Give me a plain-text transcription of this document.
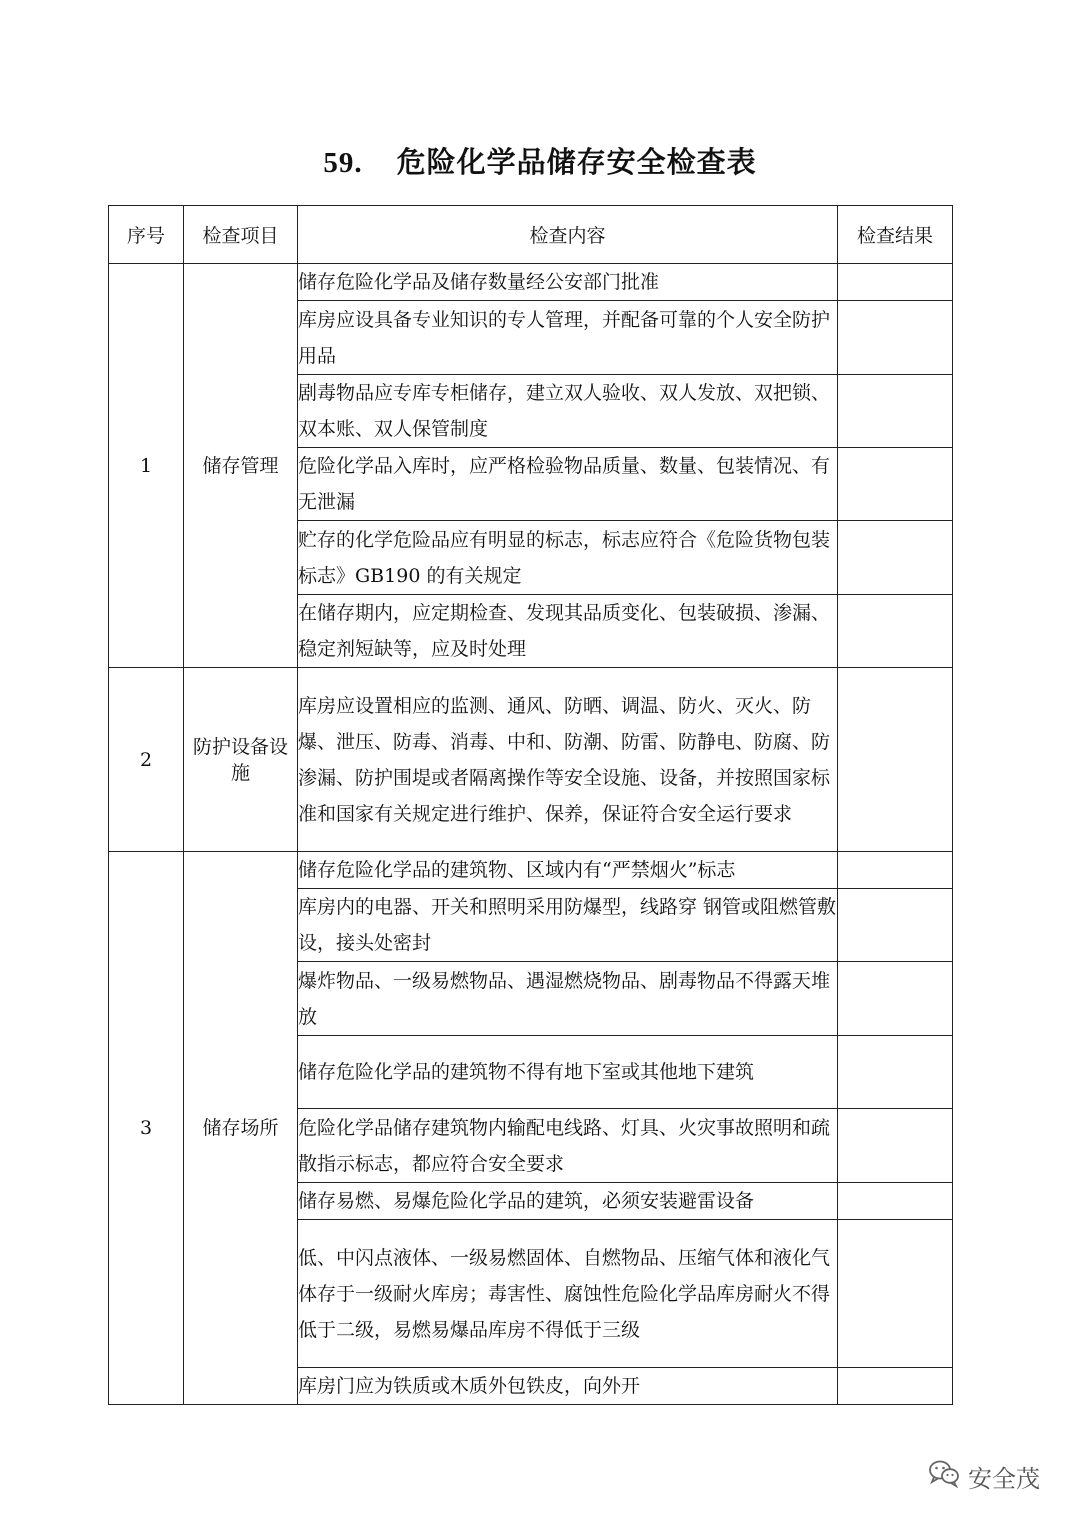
59. 危险化学品储存安全检查表
序号	检查项目	检查内容	检查结果
1	储存管理	储存危险化学品及储存数量经公安部门批准	
		库房应设具备专业知识的专人管理，并配备可靠的个人安全防护用品	
		剧毒物品应专库专柜储存，建立双人验收、双人发放、双把锁、双本账、双人保管制度	
		危险化学品入库时，应严格检验物品质量、数量、包装情况、有无泄漏	
		贮存的化学危险品应有明显的标志，标志应符合《危险货物包装标志》GB190 的有关规定	
		在储存期内，应定期检查、发现其品质变化、包装破损、渗漏、稳定剂短缺等，应及时处理	
2	防护设备设施	库房应设置相应的监测、通风、防晒、调温、防火、灭火、防爆、泄压、防毒、消毒、中和、防潮、防雷、防静电、防腐、防渗漏、防护围堤或者隔离操作等安全设施、设备，并按照国家标准和国家有关规定进行维护、保养，保证符合安全运行要求	
3	储存场所	储存危险化学品的建筑物、区域内有“严禁烟火”标志	
		库房内的电器、开关和照明采用防爆型，线路穿 钢管或阻燃管敷设，接头处密封	
		爆炸物品、一级易燃物品、遇湿燃烧物品、剧毒物品不得露天堆放	
		储存危险化学品的建筑物不得有地下室或其他地下建筑	
		危险化学品储存建筑物内输配电线路、灯具、火灾事故照明和疏散指示标志，都应符合安全要求	
		储存易燃、易爆危险化学品的建筑，必须安装避雷设备	
		低、中闪点液体、一级易燃固体、自燃物品、压缩气体和液化气体存于一级耐火库房；毒害性、腐蚀性危险化学品库房耐火不得低于二级，易燃易爆品库房不得低于三级	
		库房门应为铁质或木质外包铁皮，向外开	
安全茂
